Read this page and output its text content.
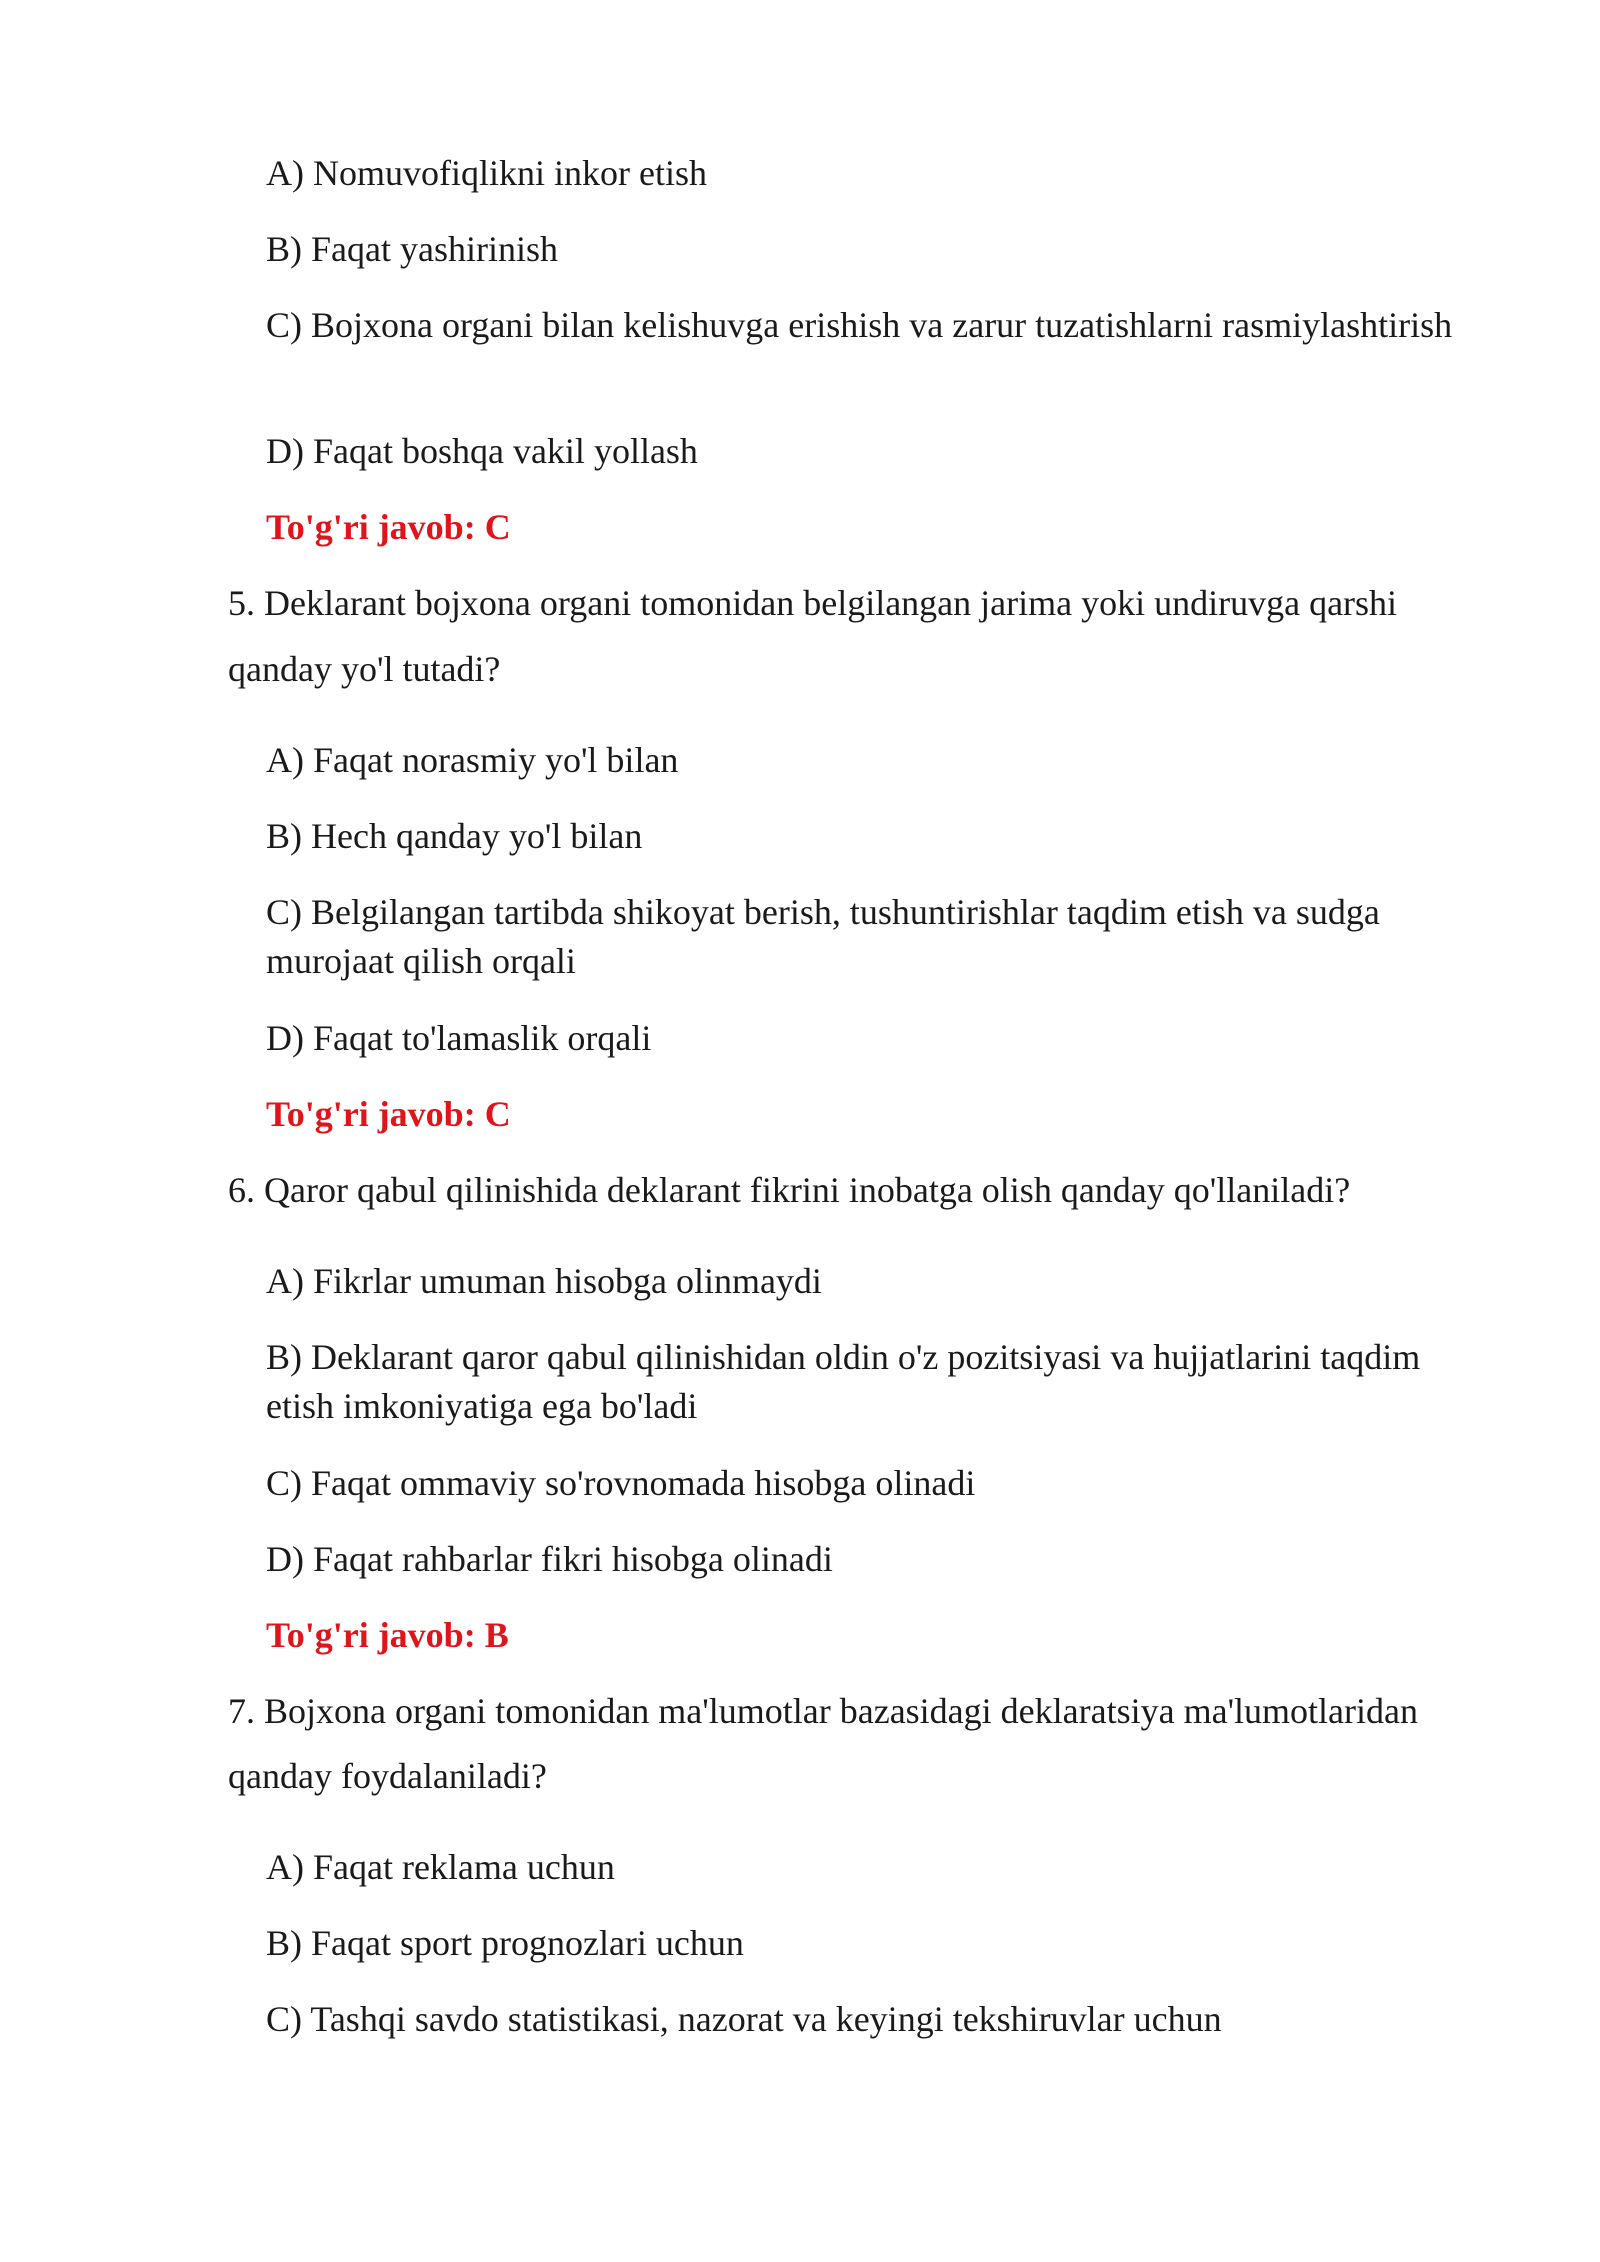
A) Nomuvofiqlikni inkor etish

B) Faqat yashirinish

C) Bojxona organi bilan kelishuvga erishish va zarur tuzatishlarni rasmiylashtirish

D) Faqat boshqa vakil yollash

To'g'ri javob: C

5. Deklarant bojxona organi tomonidan belgilangan jarima yoki undiruvga qarshi

qanday yo'l tutadi?

A) Faqat norasmiy yo'l bilan

B) Hech qanday yo'l bilan

C) Belgilangan tartibda shikoyat berish, tushuntirishlar taqdim etish va sudga murojaat qilish orqali

D) Faqat to'lamaslik orqali

To'g'ri javob: C

6. Qaror qabul qilinishida deklarant fikrini inobatga olish qanday qo'llaniladi?

A) Fikrlar umuman hisobga olinmaydi

B) Deklarant qaror qabul qilinishidan oldin o'z pozitsiyasi va hujjatlarini taqdim etish imkoniyatiga ega bo'ladi

C) Faqat ommaviy so'rovnomada hisobga olinadi

D) Faqat rahbarlar fikri hisobga olinadi

To'g'ri javob: B

7. Bojxona organi tomonidan ma'lumotlar bazasidagi deklaratsiya ma'lumotlaridan

qanday foydalaniladi?

A) Faqat reklama uchun

B) Faqat sport prognozlari uchun

C) Tashqi savdo statistikasi, nazorat va keyingi tekshiruvlar uchun
